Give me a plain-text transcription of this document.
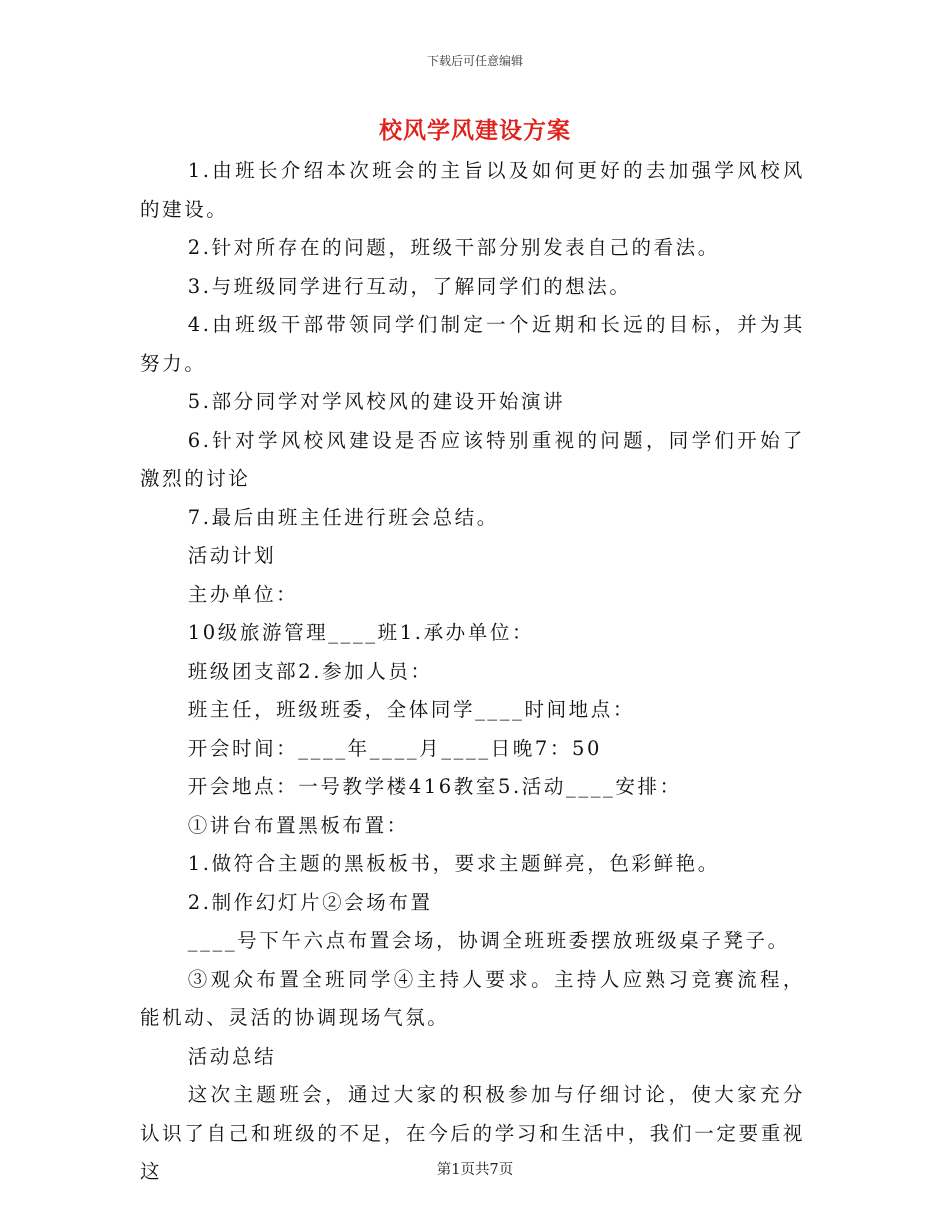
下载后可任意编辑
校风学风建设方案

1.由班长介绍本次班会的主旨以及如何更好的去加强学风校风的建设。

2.针对所存在的问题，班级干部分别发表自己的看法。

3.与班级同学进行互动，了解同学们的想法。

4.由班级干部带领同学们制定一个近期和长远的目标，并为其努力。

5.部分同学对学风校风的建设开始演讲

6.针对学风校风建设是否应该特别重视的问题，同学们开始了激烈的讨论

7.最后由班主任进行班会总结。

活动计划

主办单位：

10级旅游管理____班1.承办单位：

班级团支部2.参加人员：

班主任，班级班委，全体同学____时间地点：

开会时间：____年____月____日晚7：50

开会地点：一号教学楼416教室5.活动____安排：

①讲台布置黑板布置：

1.做符合主题的黑板板书，要求主题鲜亮，色彩鲜艳。

2.制作幻灯片②会场布置

____号下午六点布置会场，协调全班班委摆放班级桌子凳子。

③观众布置全班同学④主持人要求。主持人应熟习竞赛流程，能机动、灵活的协调现场气氛。

活动总结

这次主题班会，通过大家的积极参加与仔细讨论，使大家充分认识了自己和班级的不足，在今后的学习和生活中，我们一定要重视这	第1页共7页
